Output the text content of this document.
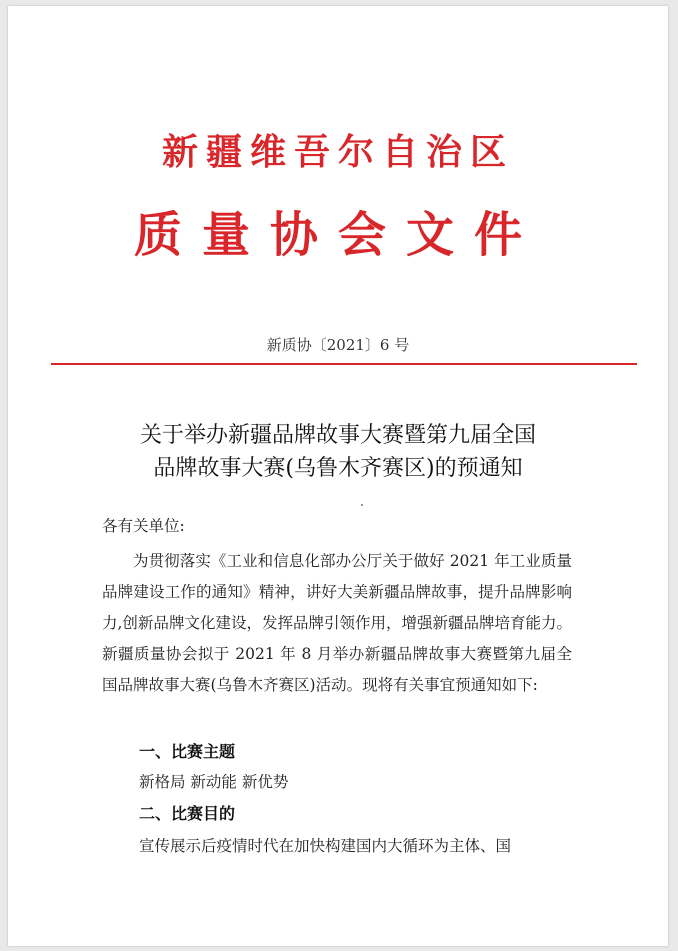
新疆维吾尔自治区
质量协会文件
新质协〔2021〕6 号
关于举办新疆品牌故事大赛暨第九届全国
品牌故事大赛(乌鲁木齐赛区)的预通知
各有关单位:
为贯彻落实《工业和信息化部办公厅关于做好 2021 年工业质量品牌建设工作的通知》精神，讲好大美新疆品牌故事，提升品牌影响力,创新品牌文化建设，发挥品牌引领作用，增强新疆品牌培育能力。新疆质量协会拟于 2021 年 8 月举办新疆品牌故事大赛暨第九届全国品牌故事大赛(乌鲁木齐赛区)活动。现将有关事宜预通知如下:
一、比赛主题
新格局 新动能 新优势
二、比赛目的
宣传展示后疫情时代在加快构建国内大循环为主体、国
